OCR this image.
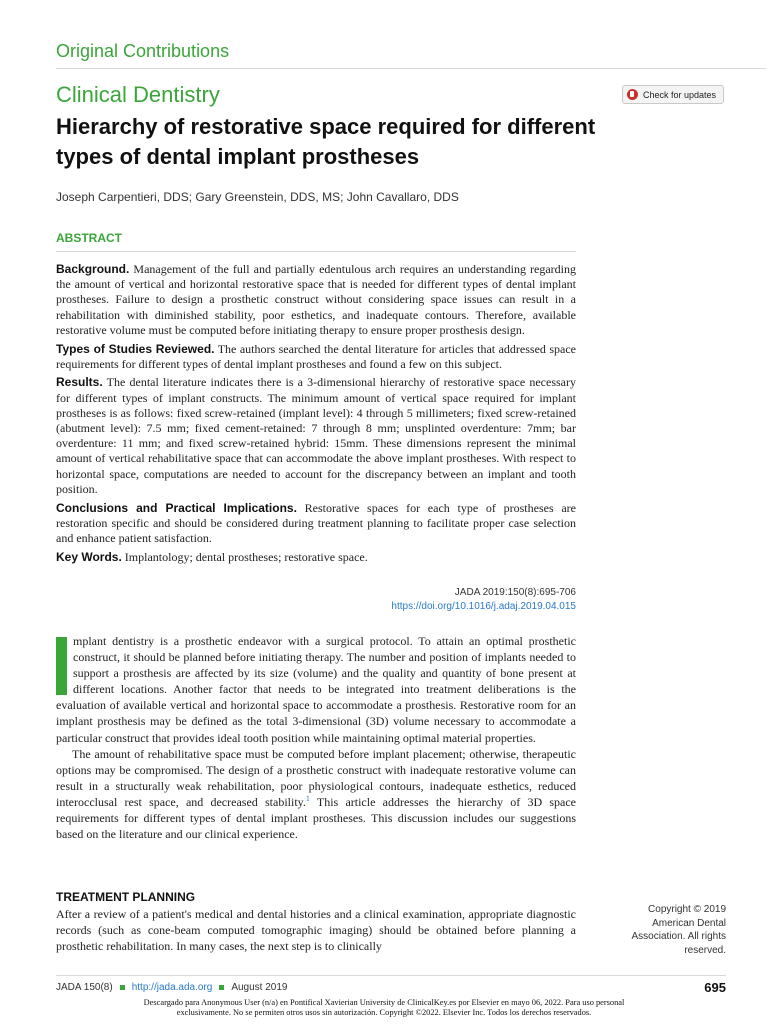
Original Contributions
Clinical Dentistry
Hierarchy of restorative space required for different types of dental implant prostheses
Check for updates
Joseph Carpentieri, DDS; Gary Greenstein, DDS, MS; John Cavallaro, DDS
ABSTRACT

Background. Management of the full and partially edentulous arch requires an understanding regarding the amount of vertical and horizontal restorative space that is needed for different types of dental implant prostheses. Failure to design a prosthetic construct without considering space issues can result in a rehabilitation with diminished stability, poor esthetics, and inadequate contours. Therefore, available restorative volume must be computed before initiating therapy to ensure proper prosthesis design.

Types of Studies Reviewed. The authors searched the dental literature for articles that addressed space requirements for different types of dental implant prostheses and found a few on this subject.

Results. The dental literature indicates there is a 3-dimensional hierarchy of restorative space necessary for different types of implant constructs. The minimum amount of vertical space required for implant prostheses is as follows: fixed screw-retained (implant level): 4 through 5 millimeters; fixed screw-retained (abutment level): 7.5 mm; fixed cement-retained: 7 through 8 mm; unsplinted overdenture: 7mm; bar overdenture: 11 mm; and fixed screw-retained hybrid: 15mm. These dimensions represent the minimal amount of vertical rehabilitative space that can accommodate the above implant prostheses. With respect to horizontal space, computations are needed to account for the discrepancy between an implant and tooth position.

Conclusions and Practical Implications. Restorative spaces for each type of prostheses are restoration specific and should be considered during treatment planning to facilitate proper case selection and enhance patient satisfaction.

Key Words. Implantology; dental prostheses; restorative space.

JADA 2019:150(8):695-706
https://doi.org/10.1016/j.adaj.2019.04.015

mplant dentistry is a prosthetic endeavor with a surgical protocol. To attain an optimal prosthetic construct, it should be planned before initiating therapy. The number and position of implants needed to support a prosthesis are affected by its size (volume) and the quality and quantity of bone present at different locations. Another factor that needs to be integrated into treatment deliberations is the evaluation of available vertical and horizontal space to accommodate a prosthesis. Restorative room for an implant prosthesis may be defined as the total 3-dimensional (3D) volume necessary to accommodate a particular construct that provides ideal tooth position while maintaining optimal material properties.

The amount of rehabilitative space must be computed before implant placement; otherwise, therapeutic options may be compromised. The design of a prosthetic construct with inadequate restorative volume can result in a structurally weak rehabilitation, poor physiological contours, inadequate esthetics, reduced interocclusal rest space, and decreased stability.$^1$ This article addresses the hierarchy of 3D space requirements for different types of dental implant prostheses. This discussion includes our suggestions based on the literature and our clinical experience.

TREATMENT PLANNING
After a review of a patient's medical and dental histories and a clinical examination, appropriate diagnostic records (such as cone-beam computed tomographic imaging) should be obtained before planning a prosthetic rehabilitation. In many cases, the next step is to clinically
Copyright © 2019 American Dental Association. All rights reserved.
JADA 150(8) http://jada.ada.org August 2019	695
Descargado para Anonymous User (n/a) en Pontifical Xavierian University de ClinicalKey.es por Elsevier en mayo 06, 2022. Para uso personal exclusivamente. No se permiten otros usos sin autorización. Copyright ©2022. Elsevier Inc. Todos los derechos reservados.
